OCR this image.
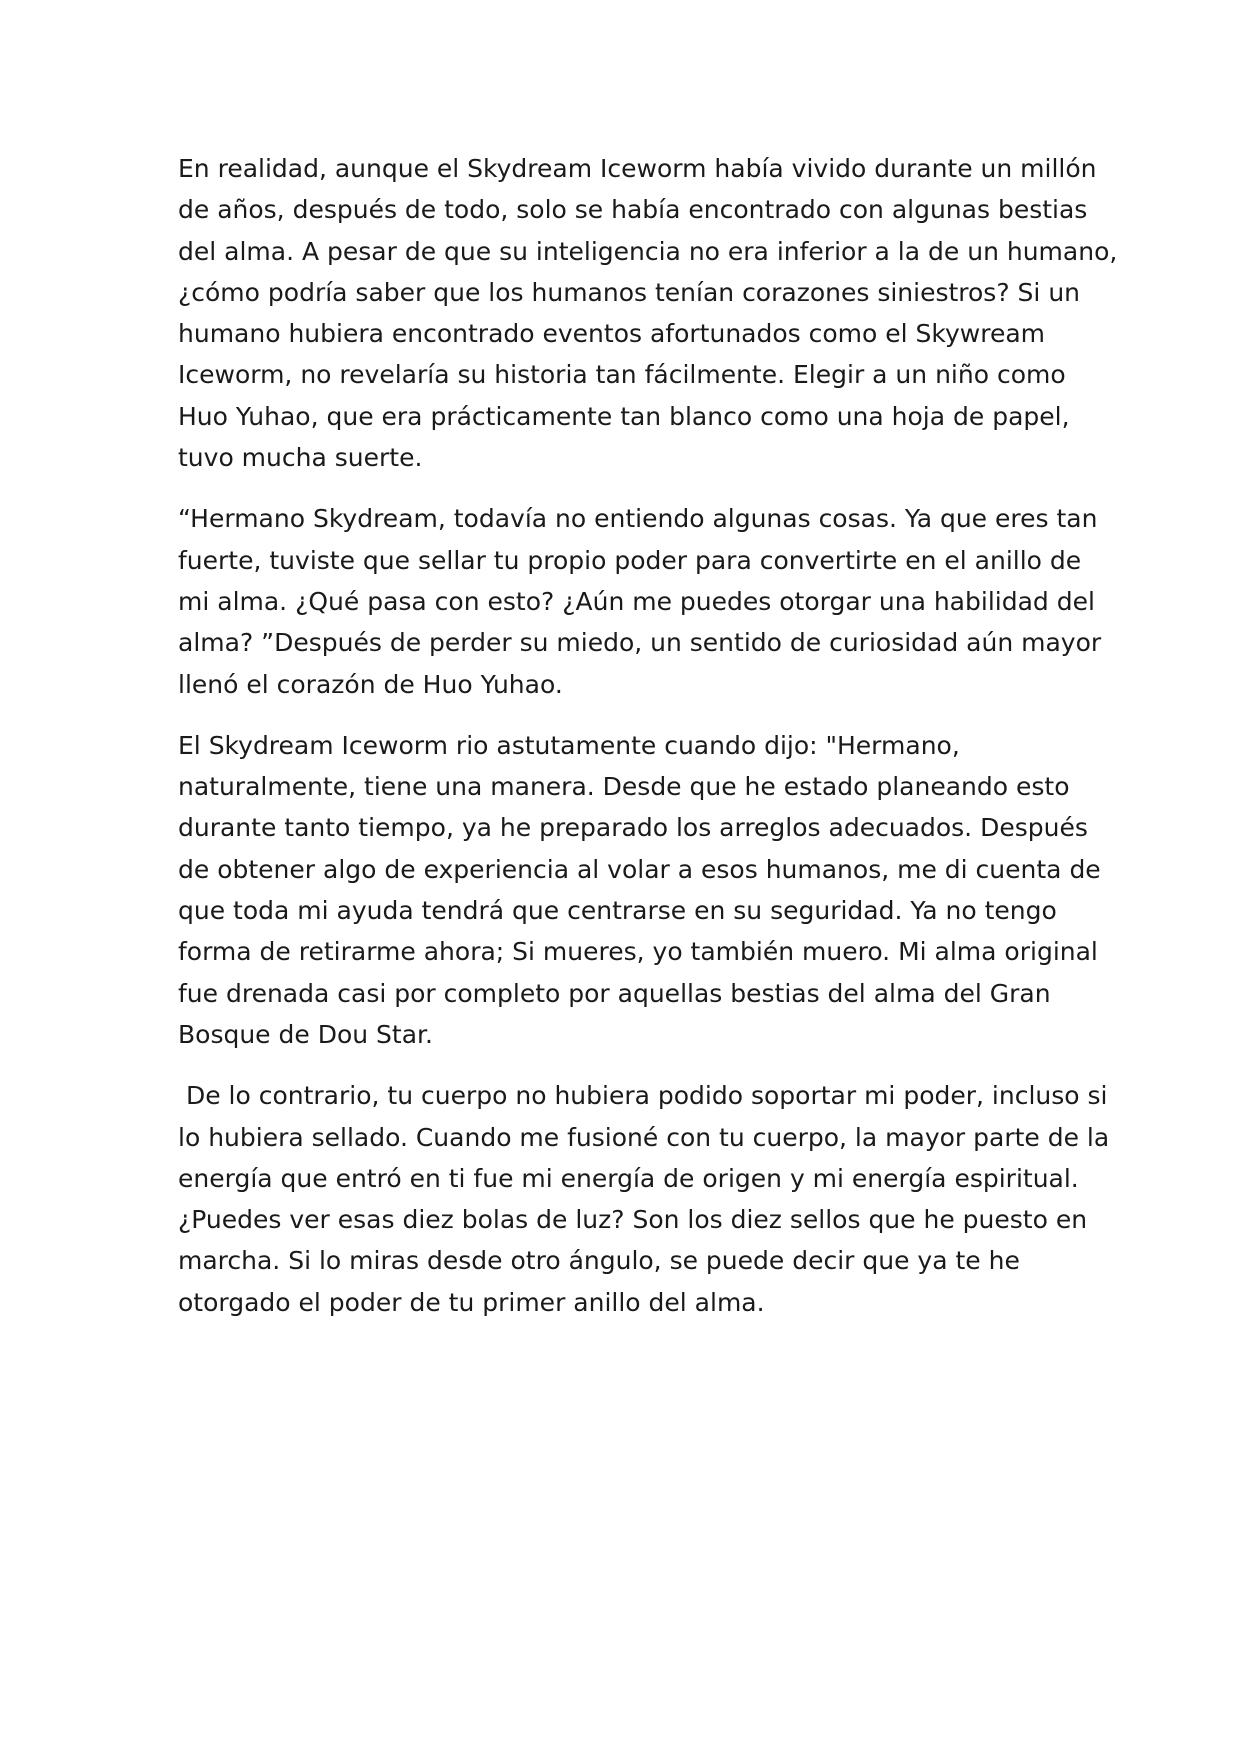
En realidad, aunque el Skydream Iceworm había vivido durante un millón
de años, después de todo, solo se había encontrado con algunas bestias
del alma. A pesar de que su inteligencia no era inferior a la de un humano,
¿cómo podría saber que los humanos tenían corazones siniestros? Si un
humano hubiera encontrado eventos afortunados como el Skywream
Iceworm, no revelaría su historia tan fácilmente. Elegir a un niño como
Huo Yuhao, que era prácticamente tan blanco como una hoja de papel,
tuvo mucha suerte.

“Hermano Skydream, todavía no entiendo algunas cosas. Ya que eres tan
fuerte, tuviste que sellar tu propio poder para convertirte en el anillo de
mi alma. ¿Qué pasa con esto? ¿Aún me puedes otorgar una habilidad del
alma? ”Después de perder su miedo, un sentido de curiosidad aún mayor
llenó el corazón de Huo Yuhao.

El Skydream Iceworm rio astutamente cuando dijo: "Hermano,
naturalmente, tiene una manera. Desde que he estado planeando esto
durante tanto tiempo, ya he preparado los arreglos adecuados. Después
de obtener algo de experiencia al volar a esos humanos, me di cuenta de
que toda mi ayuda tendrá que centrarse en su seguridad. Ya no tengo
forma de retirarme ahora; Si mueres, yo también muero. Mi alma original
fue drenada casi por completo por aquellas bestias del alma del Gran
Bosque de Dou Star.

De lo contrario, tu cuerpo no hubiera podido soportar mi poder, incluso si
lo hubiera sellado. Cuando me fusioné con tu cuerpo, la mayor parte de la
energía que entró en ti fue mi energía de origen y mi energía espiritual.
¿Puedes ver esas diez bolas de luz? Son los diez sellos que he puesto en
marcha. Si lo miras desde otro ángulo, se puede decir que ya te he
otorgado el poder de tu primer anillo del alma.
